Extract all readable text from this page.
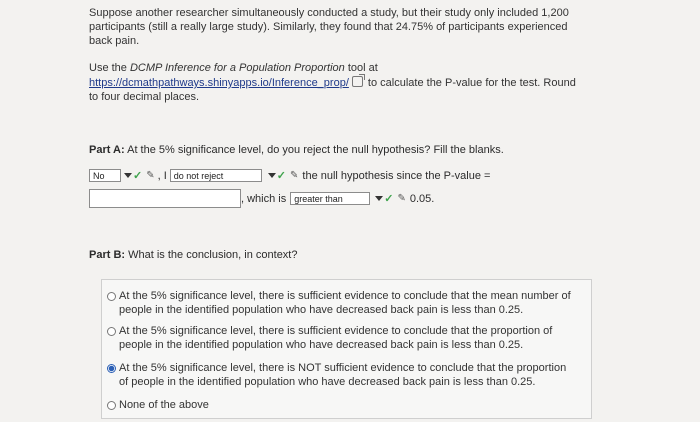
Suppose another researcher simultaneously conducted a study, but their study only included 1,200
participants (still a really large study). Similarly, they found that 24.75% of participants experienced
back pain.
Use the DCMP Inference for a Population Proportion tool at
https://dcmathpathways.shinyapps.io/Inference_prop/ to calculate the P-value for the test. Round
to four decimal places.
Part A: At the 5% significance level, do you reject the null hypothesis? Fill the blanks.
No	✓ ✎ , I do not reject	✓ ✎ the null hypothesis since the P-value =
, which is greater than	✓ ✎ 0.05.
Part B: What is the conclusion, in context?
At the 5% significance level, there is sufficient evidence to conclude that the mean number of
people in the identified population who have decreased back pain is less than 0.25.
At the 5% significance level, there is sufficient evidence to conclude that the proportion of
people in the identified population who have decreased back pain is less than 0.25.
At the 5% significance level, there is NOT sufficient evidence to conclude that the proportion
of people in the identified population who have decreased back pain is less than 0.25.
None of the above
